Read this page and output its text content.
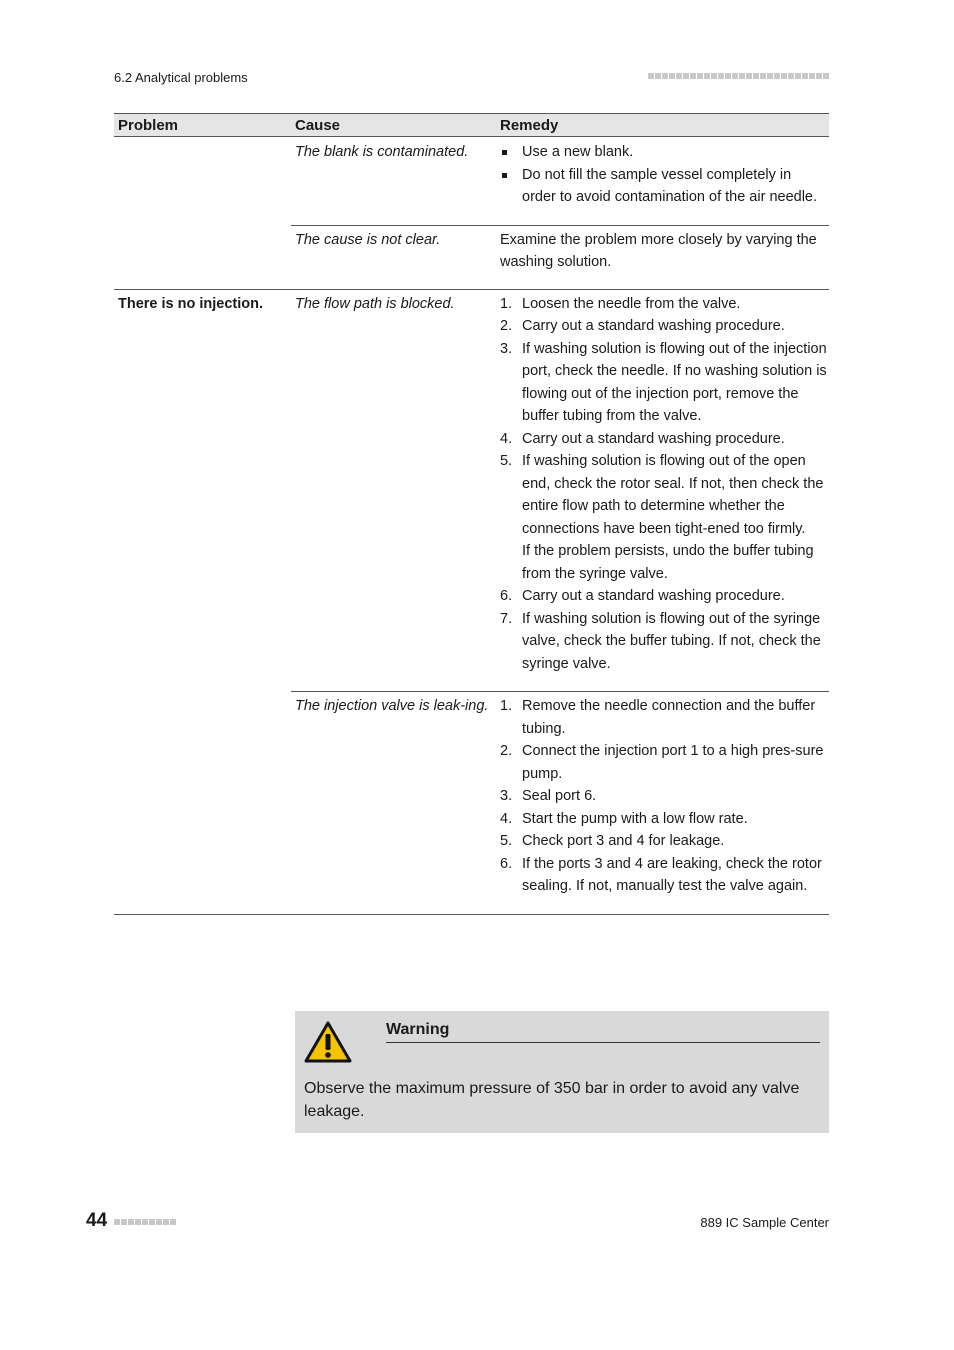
6.2 Analytical problems
Problem	Cause	Remedy
The blank is contaminated.	Use a new blank.
Do not fill the sample vessel completely in order to avoid contamination of the air needle.
The cause is not clear.	Examine the problem more closely by varying the washing solution.
There is no injection.	The flow path is blocked.	1. Loosen the needle from the valve.
2. Carry out a standard washing procedure.
3. If washing solution is flowing out of the injection port, check the needle. If no washing solution is flowing out of the injection port, remove the buffer tubing from the valve.
4. Carry out a standard washing procedure.
5. If washing solution is flowing out of the open end, check the rotor seal. If not, then check the entire flow path to determine whether the connections have been tight-ened too firmly.
If the problem persists, undo the buffer tubing from the syringe valve.
6. Carry out a standard washing procedure.
7. If washing solution is flowing out of the syringe valve, check the buffer tubing. If not, check the syringe valve.
The injection valve is leak-ing. 1. Remove the needle connection and the buffer tubing.
2. Connect the injection port 1 to a high pres-sure pump.
3. Seal port 6.
4. Start the pump with a low flow rate.
5. Check port 3 and 4 for leakage.
6. If the ports 3 and 4 are leaking, check the rotor sealing. If not, manually test the valve again.
Warning
Observe the maximum pressure of 350 bar in order to avoid any valve leakage.
44	889 IC Sample Center
